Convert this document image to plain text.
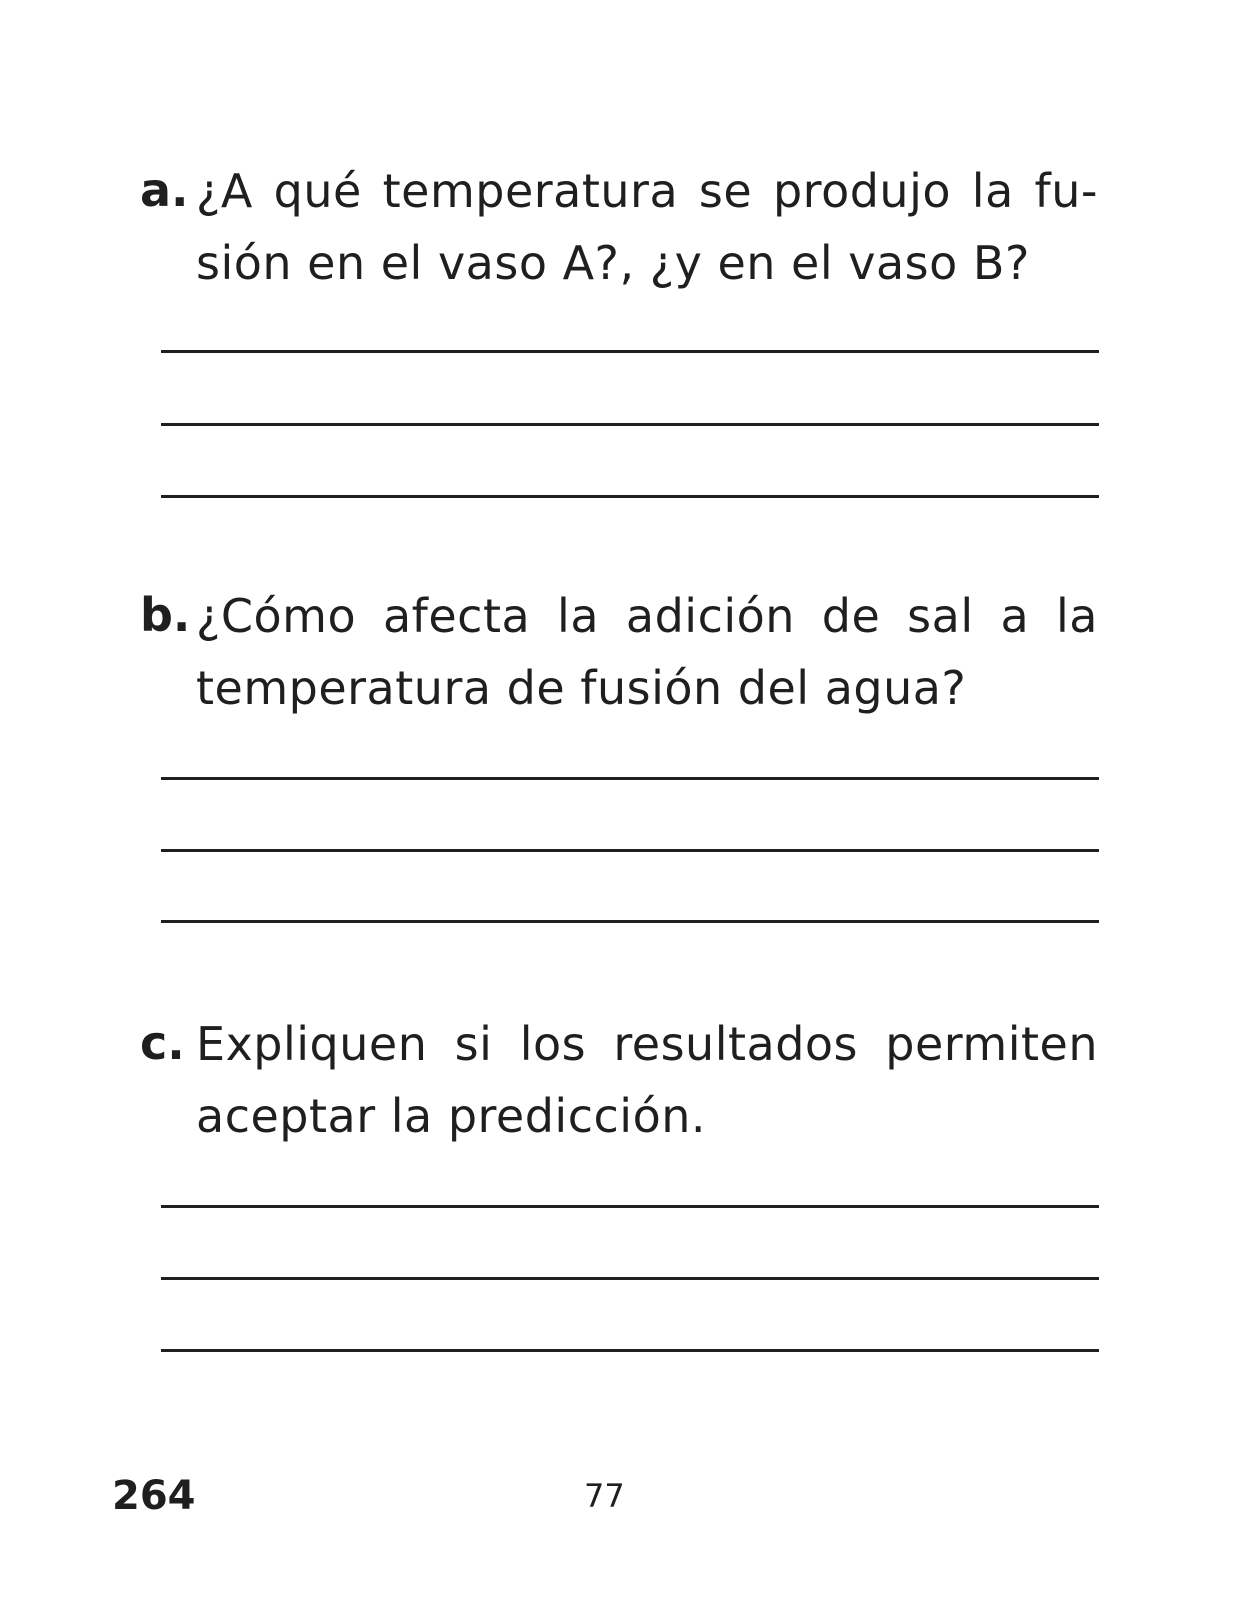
a. ¿A qué temperatura se produjo la fu-
sión en el vaso A?, ¿y en el vaso B?
b. ¿Cómo afecta la adición de sal a la
temperatura de fusión del agua?
c. Expliquen si los resultados permiten
aceptar la predicción.
264	77
